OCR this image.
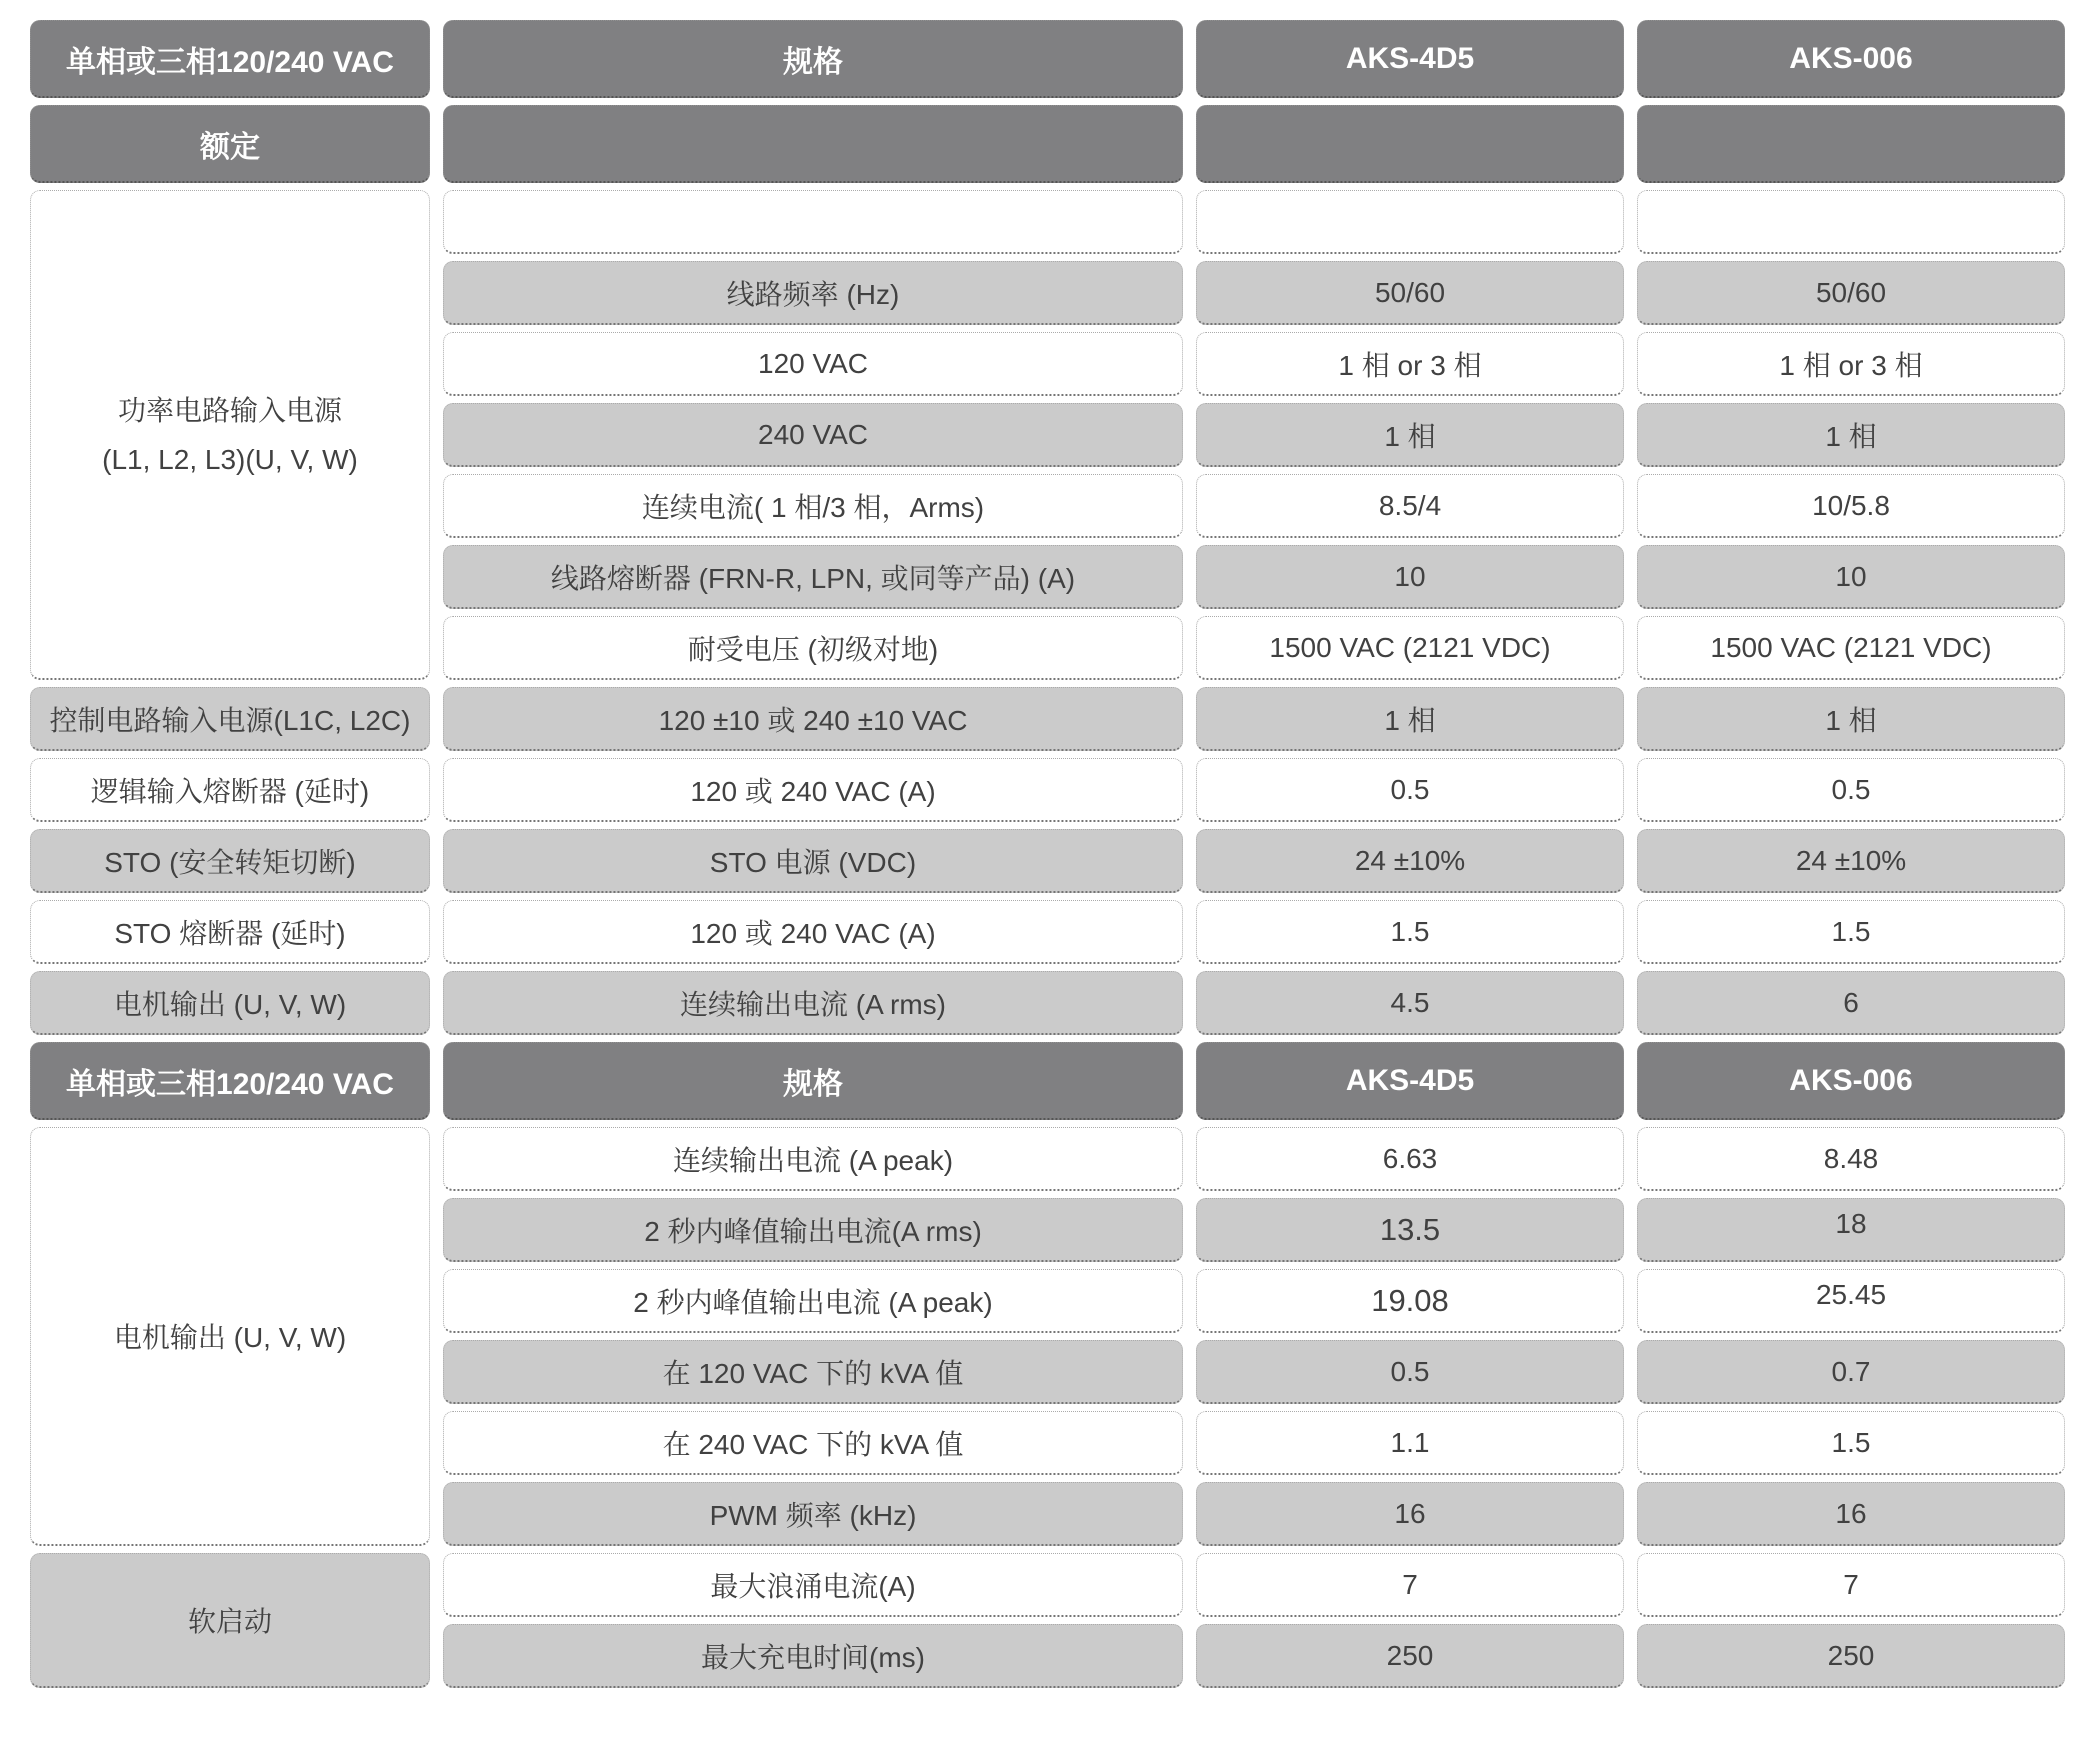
单相或三相120/240 VAC	规格	AKS-4D5	AKS-006
额定			

功率电路输入电源
(L1, L2, L3)(U, V, W)			

	线路频率 (Hz)	50/60	50/60
	120 VAC	1 相 or 3 相	1 相 or 3 相
	240 VAC	1 相	1 相
	连续电流( 1 相/3 相，Arms)	8.5/4	10/5.8
	线路熔断器 (FRN-R, LPN, 或同等产品) (A)	10	10
	耐受电压 (初级对地)	1500 VAC (2121 VDC)	1500 VAC (2121 VDC)
控制电路输入电源(L1C, L2C)	120 ±10 或 240 ±10 VAC	1 相	1 相
逻辑输入熔断器 (延时)	120 或 240 VAC (A)	0.5	0.5
STO (安全转矩切断)	STO 电源 (VDC)	24 ±10%	24 ±10%
STO 熔断器 (延时)	120 或 240 VAC (A)	1.5	1.5
电机输出 (U, V, W)	连续输出电流 (A rms)	4.5	6
单相或三相120/240 VAC	规格	AKS-4D5	AKS-006
电机输出 (U, V, W)	连续输出电流 (A peak)	6.63	8.48
	2 秒内峰值输出电流(A rms)	13.5	18
	2 秒内峰值输出电流 (A peak)	19.08	25.45
	在 120 VAC 下的 kVA 值	0.5	0.7
	在 240 VAC 下的 kVA 值	1.1	1.5
	PWM 频率 (kHz)	16	16
软启动	最大浪涌电流(A)	7	7
	最大充电时间(ms)	250	250
